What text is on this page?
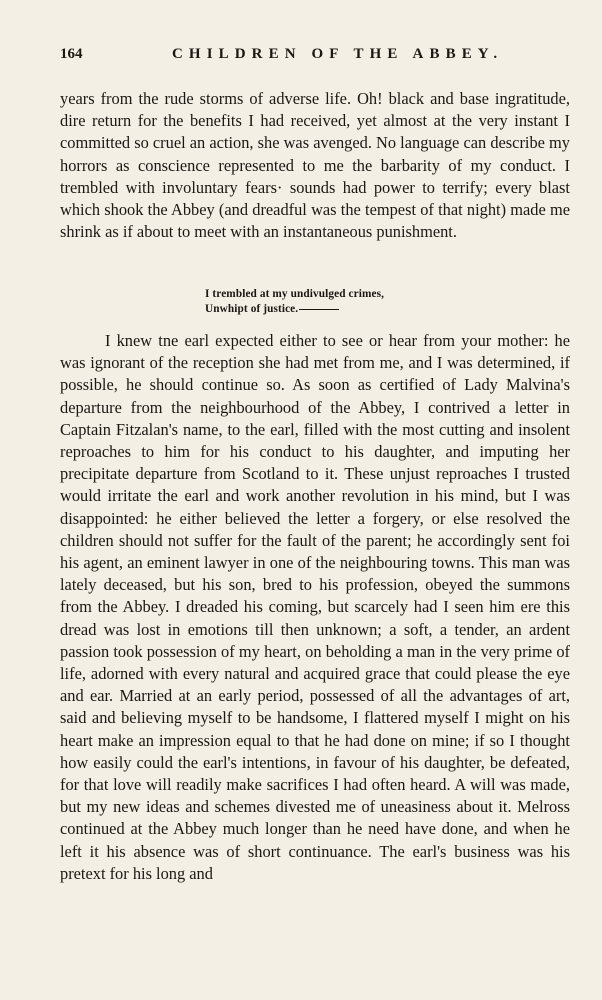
164	CHILDREN OF THE ABBEY.

years from the rude storms of adverse life. Oh! black and base ingratitude, dire return for the benefits I had received, yet almost at the very instant I committed so cruel an action, she was avenged. No language can describe my horrors as conscience represented to me the barbarity of my conduct. I trembled with involuntary fears· sounds had power to terrify; every blast which shook the Abbey (and dreadful was the tempest of that night) made me shrink as if about to meet with an instantaneous punishment.

I trembled at my undivulged crimes,
Unwhipt of justice.

I knew tne earl expected either to see or hear from your mother: he was ignorant of the reception she had met from me, and I was determined, if possible, he should continue so. As soon as certified of Lady Malvina's departure from the neighbourhood of the Abbey, I contrived a letter in Captain Fitzalan's name, to the earl, filled with the most cutting and insolent reproaches to him for his conduct to his daughter, and imputing her precipitate departure from Scotland to it. These unjust reproaches I trusted would irritate the earl and work another revolution in his mind, but I was disappointed: he either believed the letter a forgery, or else resolved the children should not suffer for the fault of the parent; he accordingly sent foi his agent, an eminent lawyer in one of the neighbouring towns. This man was lately deceased, but his son, bred to his profession, obeyed the summons from the Abbey. I dreaded his coming, but scarcely had I seen him ere this dread was lost in emotions till then unknown; a soft, a tender, an ardent passion took possession of my heart, on beholding a man in the very prime of life, adorned with every natural and acquired grace that could please the eye and ear. Married at an early period, possessed of all the advantages of art, said and believing myself to be handsome, I flattered myself I might on his heart make an impression equal to that he had done on mine; if so I thought how easily could the earl's intentions, in favour of his daughter, be defeated, for that love will readily make sacrifices I had often heard. A will was made, but my new ideas and schemes divested me of uneasiness about it. Melross continued at the Abbey much longer than he need have done, and when he left it his absence was of short continuance. The earl's business was his pretext for his long and
